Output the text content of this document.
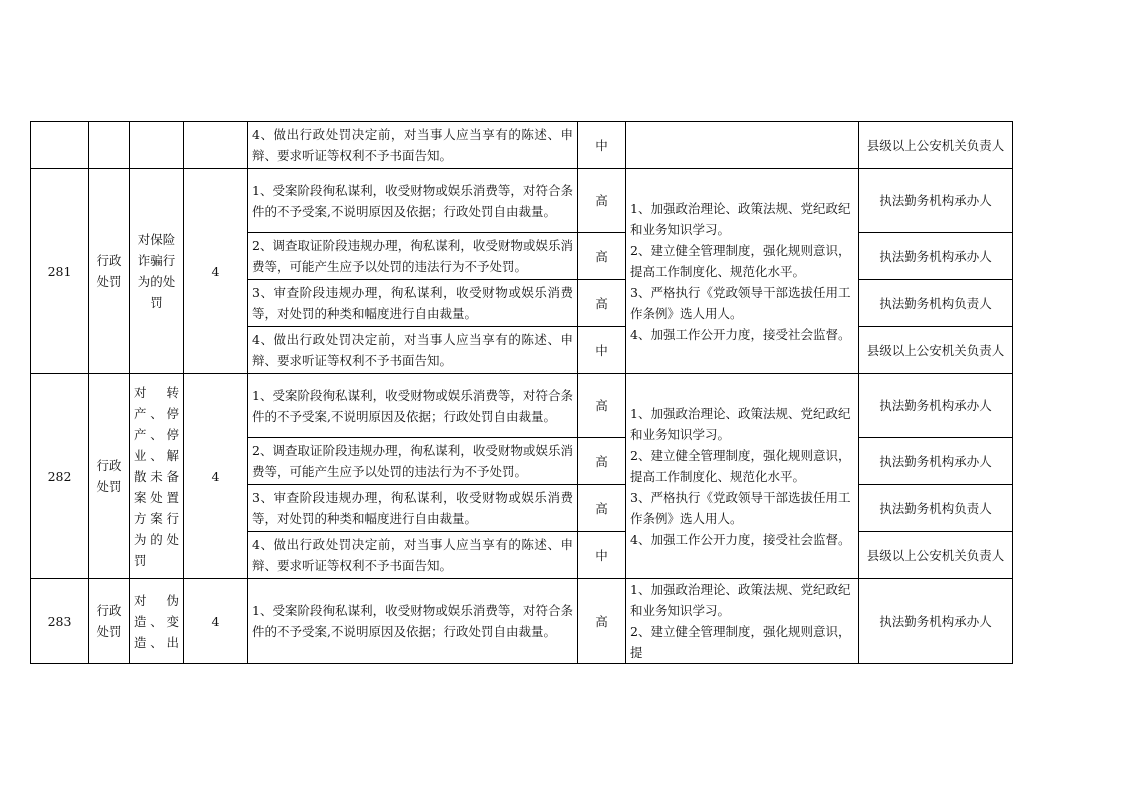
				4、做出行政处罚决定前，对当事人应当享有的陈述、申辩、要求听证等权利不予书面告知。	中		县级以上公安机关负责人
281	行政处罚	对保险诈骗行为的处罚	4	1、受案阶段徇私谋利，收受财物或娱乐消费等，对符合条件的不予受案,不说明原因及依据；行政处罚自由裁量。	高	1、加强政治理论、政策法规、党纪政纪和业务知识学习。
2、建立健全管理制度，强化规则意识，提高工作制度化、规范化水平。
3、严格执行《党政领导干部选拔任用工作条例》选人用人。
4、加强工作公开力度，接受社会监督。	执法勤务机构承办人
				2、调查取证阶段违规办理，徇私谋利，收受财物或娱乐消费等，可能产生应予以处罚的违法行为不予处罚。	高		执法勤务机构承办人
				3、审查阶段违规办理，徇私谋利，收受财物或娱乐消费等，对处罚的种类和幅度进行自由裁量。	高		执法勤务机构负责人
				4、做出行政处罚决定前，对当事人应当享有的陈述、申辩、要求听证等权利不予书面告知。	中		县级以上公安机关负责人
282	行政处罚	对转产、停产、停业、解散未备案处置方案行为的处罚	4	1、受案阶段徇私谋利，收受财物或娱乐消费等，对符合条件的不予受案,不说明原因及依据；行政处罚自由裁量。	高	1、加强政治理论、政策法规、党纪政纪和业务知识学习。
2、建立健全管理制度，强化规则意识，提高工作制度化、规范化水平。
3、严格执行《党政领导干部选拔任用工作条例》选人用人。
4、加强工作公开力度，接受社会监督。	执法勤务机构承办人
				2、调查取证阶段违规办理，徇私谋利，收受财物或娱乐消费等，可能产生应予以处罚的违法行为不予处罚。	高		执法勤务机构承办人
				3、审查阶段违规办理，徇私谋利，收受财物或娱乐消费等，对处罚的种类和幅度进行自由裁量。	高		执法勤务机构负责人
				4、做出行政处罚决定前，对当事人应当享有的陈述、申辩、要求听证等权利不予书面告知。	中		县级以上公安机关负责人
283	行政处罚	对伪造、变造、出	4	1、受案阶段徇私谋利，收受财物或娱乐消费等，对符合条件的不予受案,不说明原因及依据；行政处罚自由裁量。	高	1、加强政治理论、政策法规、党纪政纪和业务知识学习。
2、建立健全管理制度，强化规则意识，提	执法勤务机构承办人
